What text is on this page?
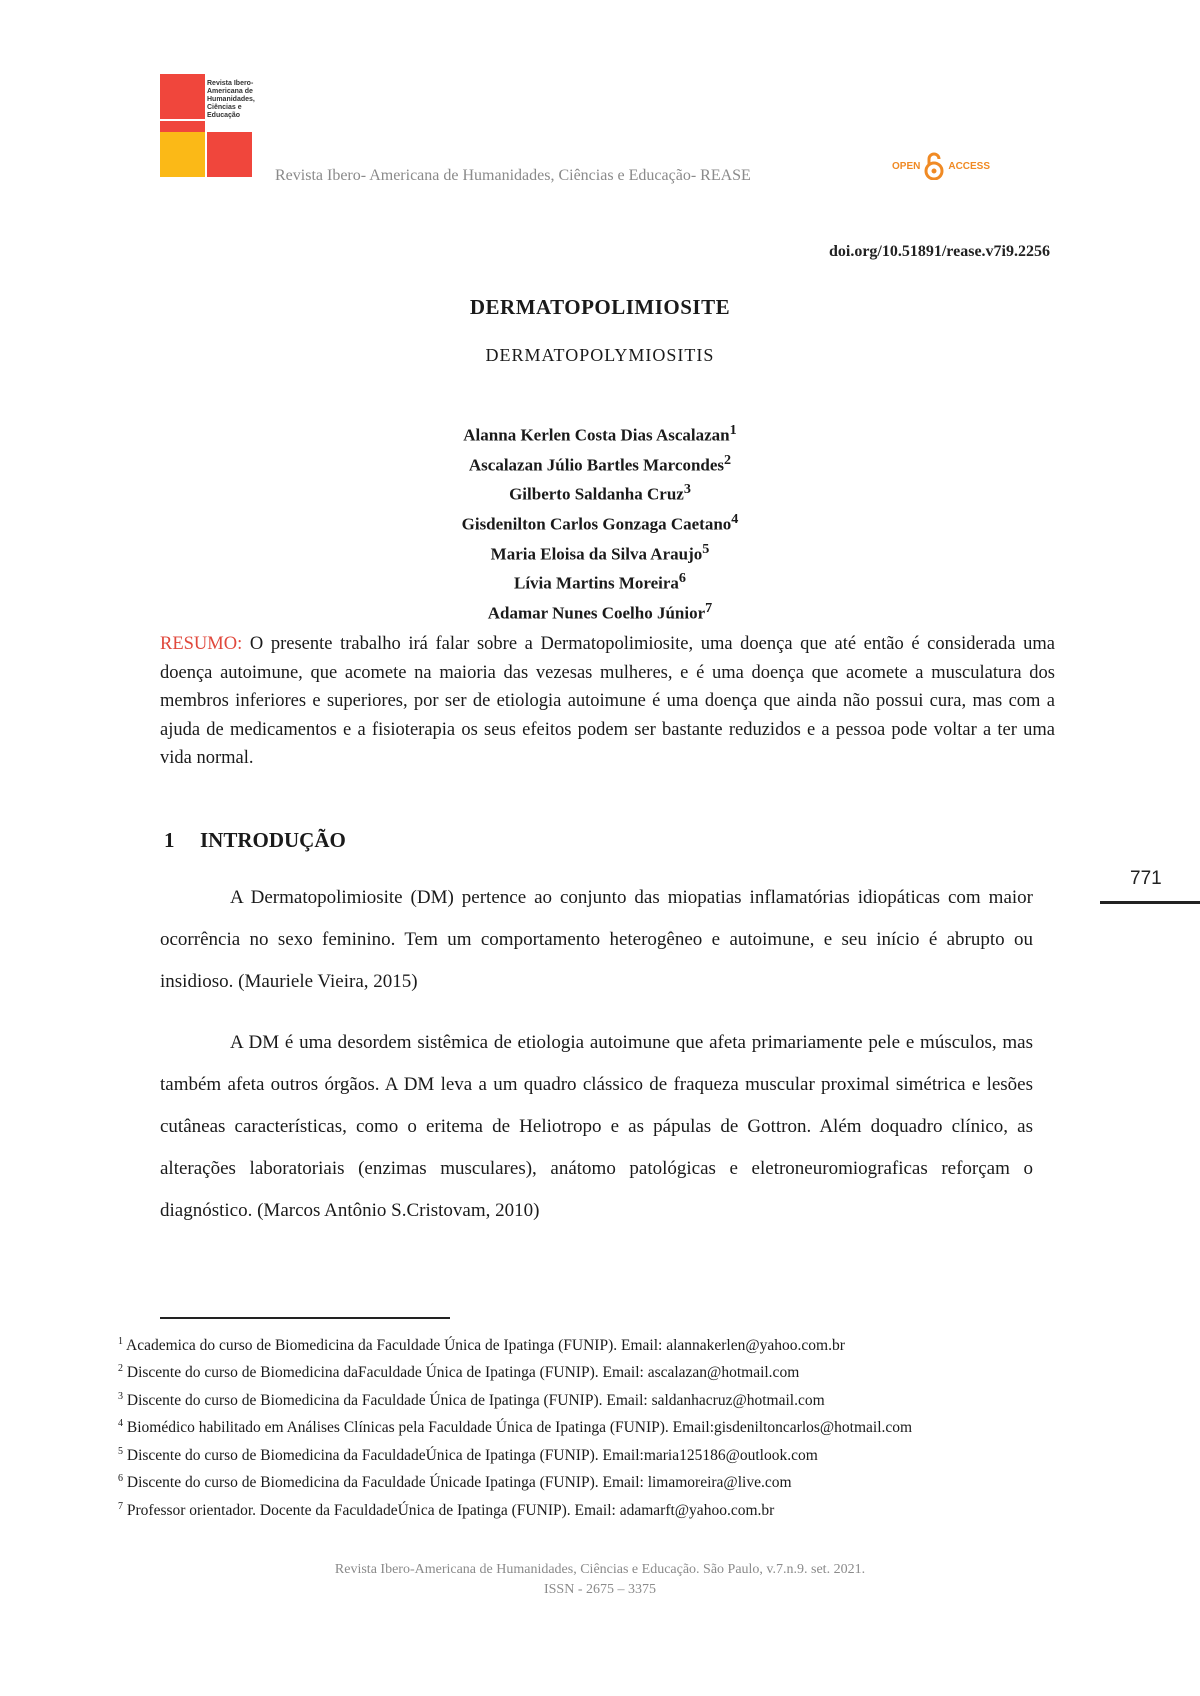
Revista Ibero-Americana de Humanidades, Ciências e Educação
Revista Ibero- Americana de Humanidades, Ciências e Educação- REASE
OPEN	ACCESS
doi.org/10.51891/rease.v7i9.2256
DERMATOPOLIMIOSITE
DERMATOPOLYMIOSITIS
Alanna Kerlen Costa Dias Ascalazan$^1$
Ascalazan Júlio Bartles Marcondes$^2$
Gilberto Saldanha Cruz$^3$
Gisdenilton Carlos Gonzaga Caetano$^4$
Maria Eloisa da Silva Araujo$^5$
Lívia Martins Moreira$^6$
Adamar Nunes Coelho Júnior$^7$

RESUMO: O presente trabalho irá falar sobre a Dermatopolimiosite, uma doença que até então é considerada uma doença autoimune, que acomete na maioria das vezesas mulheres, e é uma doença que acomete a musculatura dos membros inferiores e superiores, por ser de etiologia autoimune é uma doença que ainda não possui cura, mas com a ajuda de medicamentos e a fisioterapia os seus efeitos podem ser bastante reduzidos e a pessoa pode voltar a ter uma vida normal.

1 INTRODUÇÃO
771

A Dermatopolimiosite (DM) pertence ao conjunto das miopatias inflamatórias idiopáticas com maior ocorrência no sexo feminino. Tem um comportamento heterogêneo e autoimune, e seu início é abrupto ou insidioso. (Mauriele Vieira, 2015)

A DM é uma desordem sistêmica de etiologia autoimune que afeta primariamente pele e músculos, mas também afeta outros órgãos. A DM leva a um quadro clássico de fraqueza muscular proximal simétrica e lesões cutâneas características, como o eritema de Heliotropo e as pápulas de Gottron. Além doquadro clínico, as alterações laboratoriais (enzimas musculares), anátomo patológicas e eletroneuromiograficas reforçam o diagnóstico. (Marcos Antônio S.Cristovam, 2010)

$^1$ Academica do curso de Biomedicina da Faculdade Única de Ipatinga (FUNIP). Email: alannakerlen@yahoo.com.br
$^2$ Discente do curso de Biomedicina daFaculdade Única de Ipatinga (FUNIP). Email: ascalazan@hotmail.com
$^3$ Discente do curso de Biomedicina da Faculdade Única de Ipatinga (FUNIP). Email: saldanhacruz@hotmail.com
$^4$ Biomédico habilitado em Análises Clínicas pela Faculdade Única de Ipatinga (FUNIP). Email:gisdeniltoncarlos@hotmail.com
$^5$ Discente do curso de Biomedicina da FaculdadeÚnica de Ipatinga (FUNIP). Email:maria125186@outlook.com
$^6$ Discente do curso de Biomedicina da Faculdade Únicade Ipatinga (FUNIP). Email: limamoreira@live.com
$^7$ Professor orientador. Docente da FaculdadeÚnica de Ipatinga (FUNIP). Email: adamarft@yahoo.com.br
Revista Ibero-Americana de Humanidades, Ciências e Educação. São Paulo, v.7.n.9. set. 2021.
ISSN - 2675 – 3375
